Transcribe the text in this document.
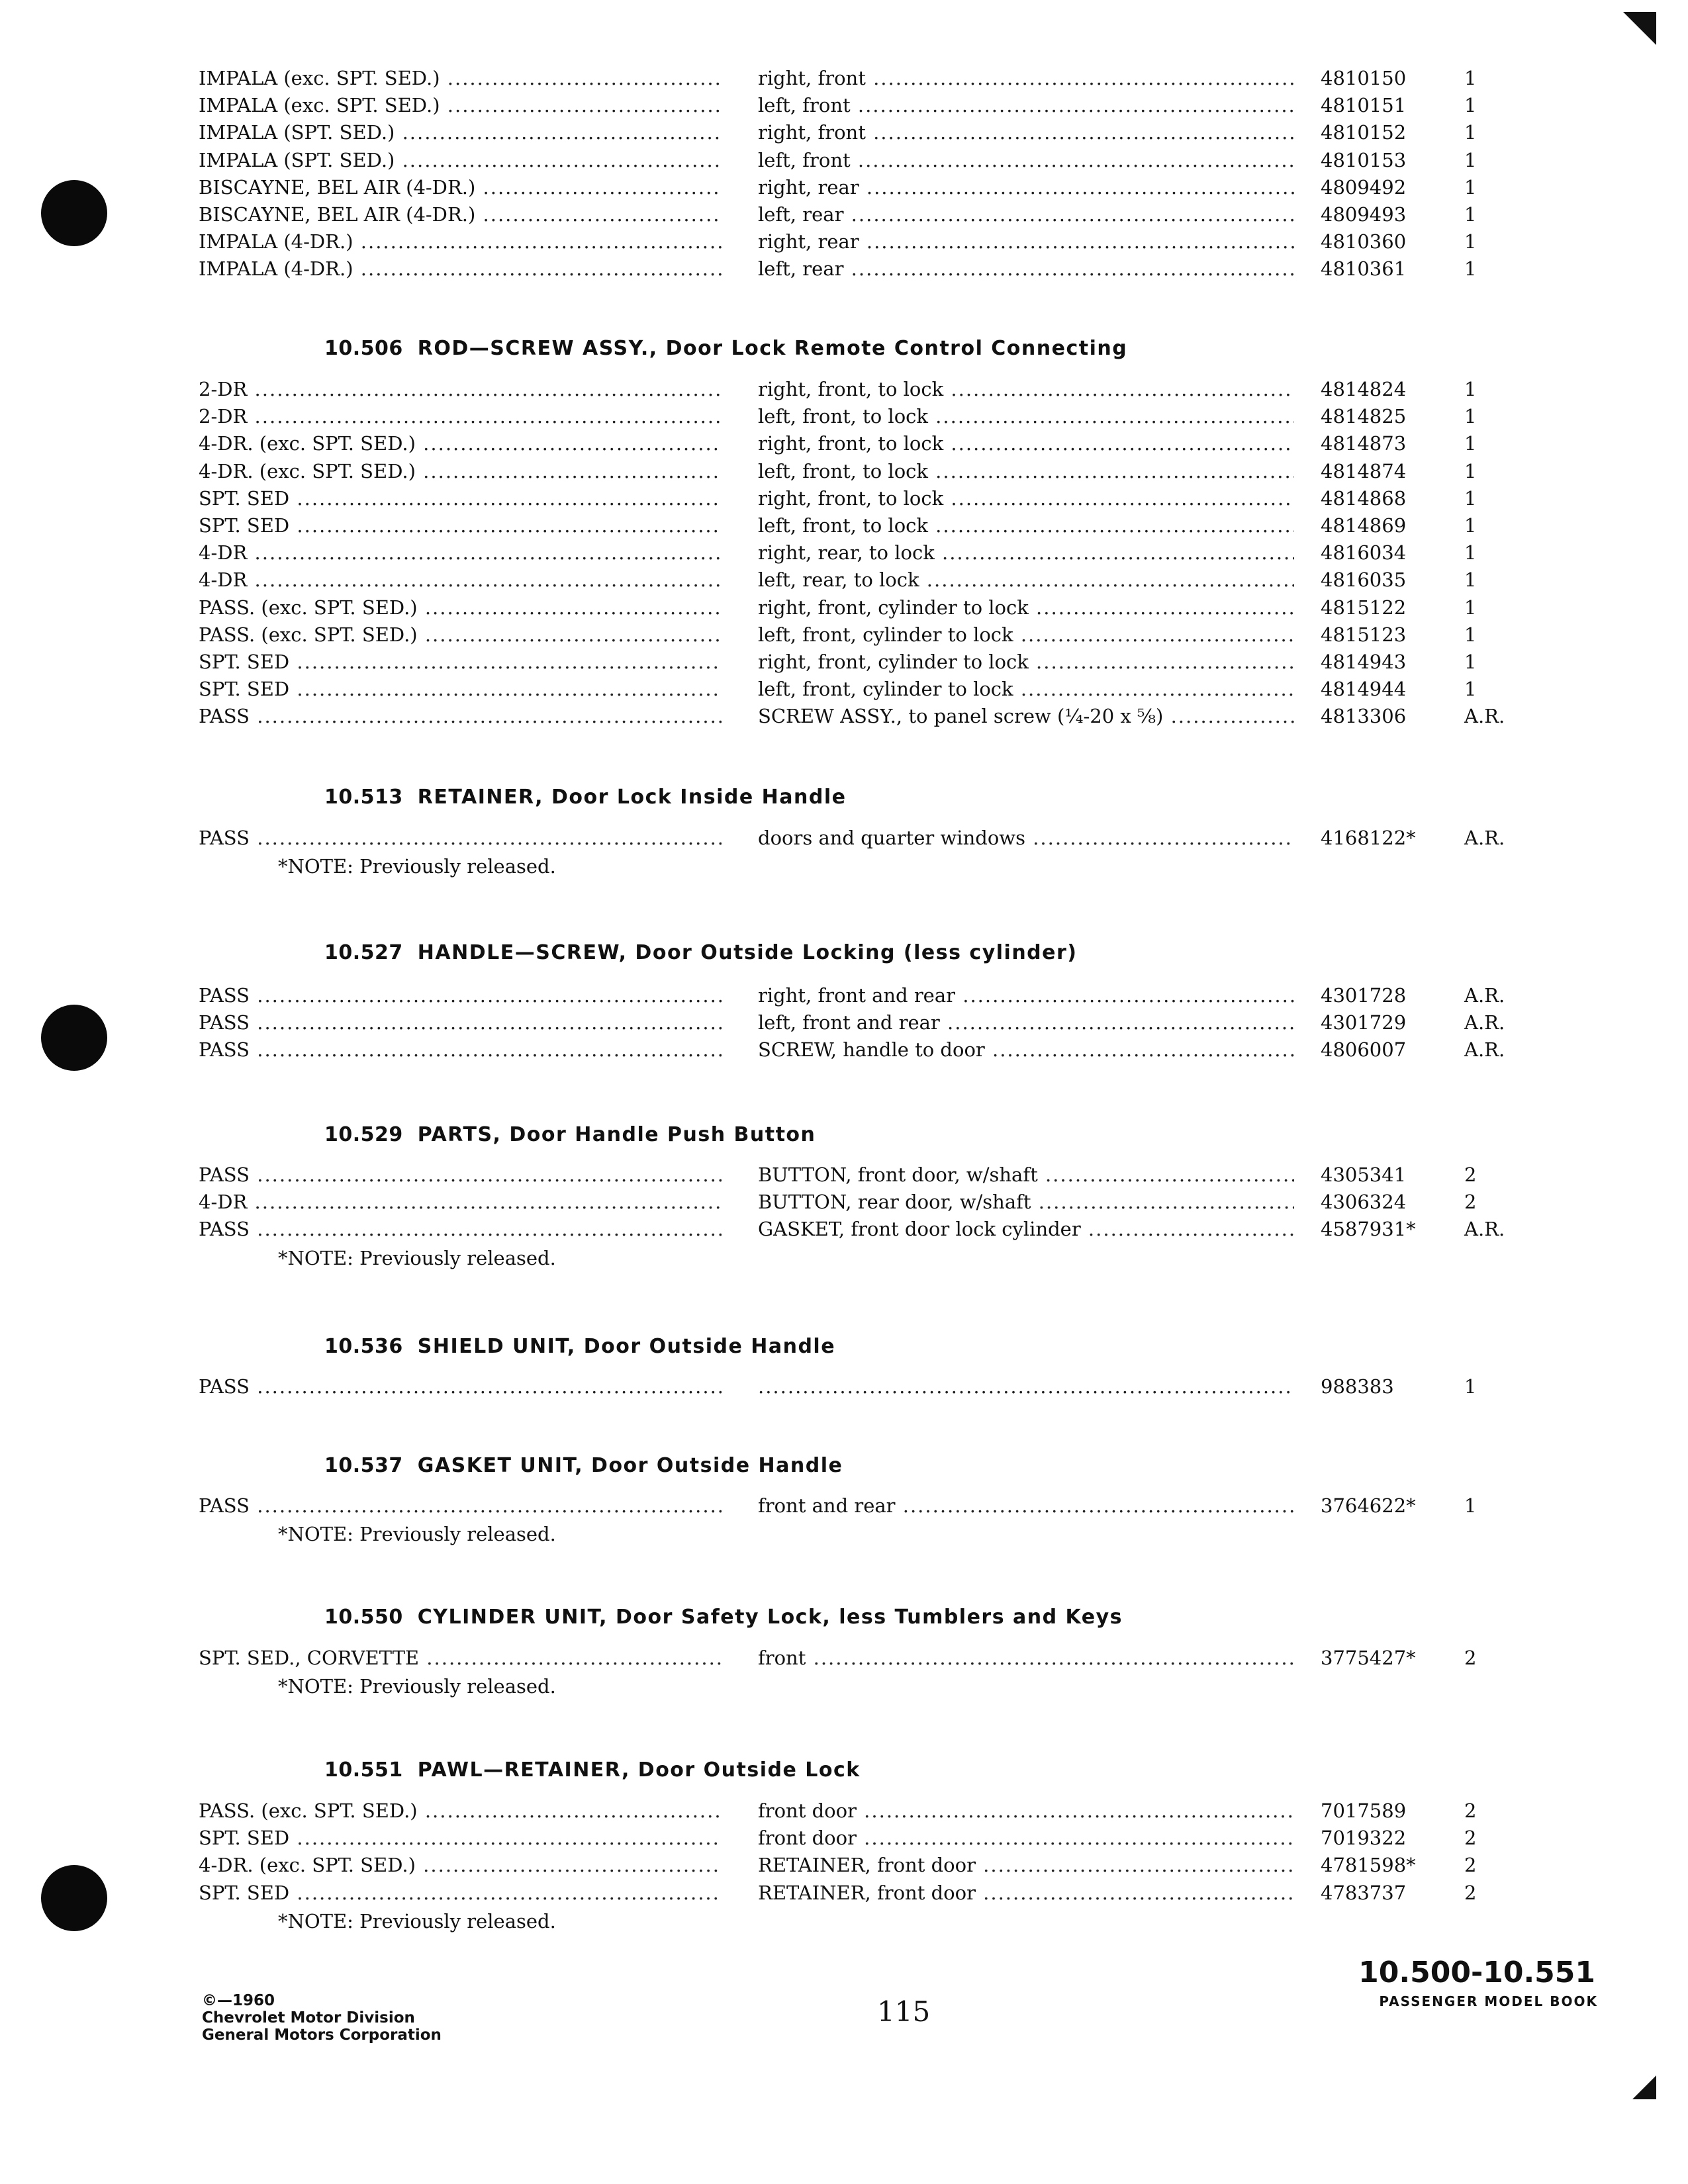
IMPALA (exc. SPT. SED.) .....	right, front .....	4810150	1
IMPALA (exc. SPT. SED.) .....	left, front .....	4810151	1
IMPALA (SPT. SED.) .....	right, front .....	4810152	1
IMPALA (SPT. SED.) .....	left, front .....	4810153	1
BISCAYNE, BEL AIR (4-DR.) .....	right, rear .....	4809492	1
BISCAYNE, BEL AIR (4-DR.) .....	left, rear .....	4809493	1
IMPALA (4-DR.) .....	right, rear .....	4810360	1
IMPALA (4-DR.) .....	left, rear .....	4810361	1
10.506 ROD—SCREW ASSY., Door Lock Remote Control Connecting
2-DR .....	right, front, to lock .....	4814824	1
2-DR .....	left, front, to lock .....	4814825	1
4-DR. (exc. SPT. SED.) .....	right, front, to lock .....	4814873	1
4-DR. (exc. SPT. SED.) .....	left, front, to lock .....	4814874	1
SPT. SED .....	right, front, to lock .....	4814868	1
SPT. SED .....	left, front, to lock .....	4814869	1
4-DR .....	right, rear, to lock .....	4816034	1
4-DR .....	left, rear, to lock .....	4816035	1
PASS. (exc. SPT. SED.) .....	right, front, cylinder to lock .....	4815122	1
PASS. (exc. SPT. SED.) .....	left, front, cylinder to lock .....	4815123	1
SPT. SED .....	right, front, cylinder to lock .....	4814943	1
SPT. SED .....	left, front, cylinder to lock .....	4814944	1
PASS .....	SCREW ASSY., to panel screw (¼-20 x ⅝) .....	4813306	A.R.
10.513 RETAINER, Door Lock Inside Handle
PASS .....	doors and quarter windows .....	4168122*	A.R.
*NOTE: Previously released.
10.527 HANDLE—SCREW, Door Outside Locking (less cylinder)
PASS .....	right, front and rear .....	4301728	A.R.
PASS .....	left, front and rear .....	4301729	A.R.
PASS .....	SCREW, handle to door .....	4806007	A.R.
10.529 PARTS, Door Handle Push Button
PASS .....	BUTTON, front door, w/shaft .....	4305341	2
4-DR .....	BUTTON, rear door, w/shaft .....	4306324	2
PASS .....	GASKET, front door lock cylinder .....	4587931*	A.R.
*NOTE: Previously released.
10.536 SHIELD UNIT, Door Outside Handle
PASS .....
.....	988383	1
10.537 GASKET UNIT, Door Outside Handle
PASS .....	front and rear .....	3764622*	1
*NOTE: Previously released.
10.550 CYLINDER UNIT, Door Safety Lock, less Tumblers and Keys
SPT. SED., CORVETTE .....	front .....	3775427*	2
*NOTE: Previously released.
10.551 PAWL—RETAINER, Door Outside Lock
PASS. (exc. SPT. SED.) .....	front door .....	7017589	2
SPT. SED .....	front door .....	7019322	2
4-DR. (exc. SPT. SED.) .....	RETAINER, front door .....	4781598*	2
SPT. SED .....	RETAINER, front door .....	4783737	2
*NOTE: Previously released.
©—1960
Chevrolet Motor Division
General Motors Corporation
115
10.500-10.551
PASSENGER MODEL BOOK
